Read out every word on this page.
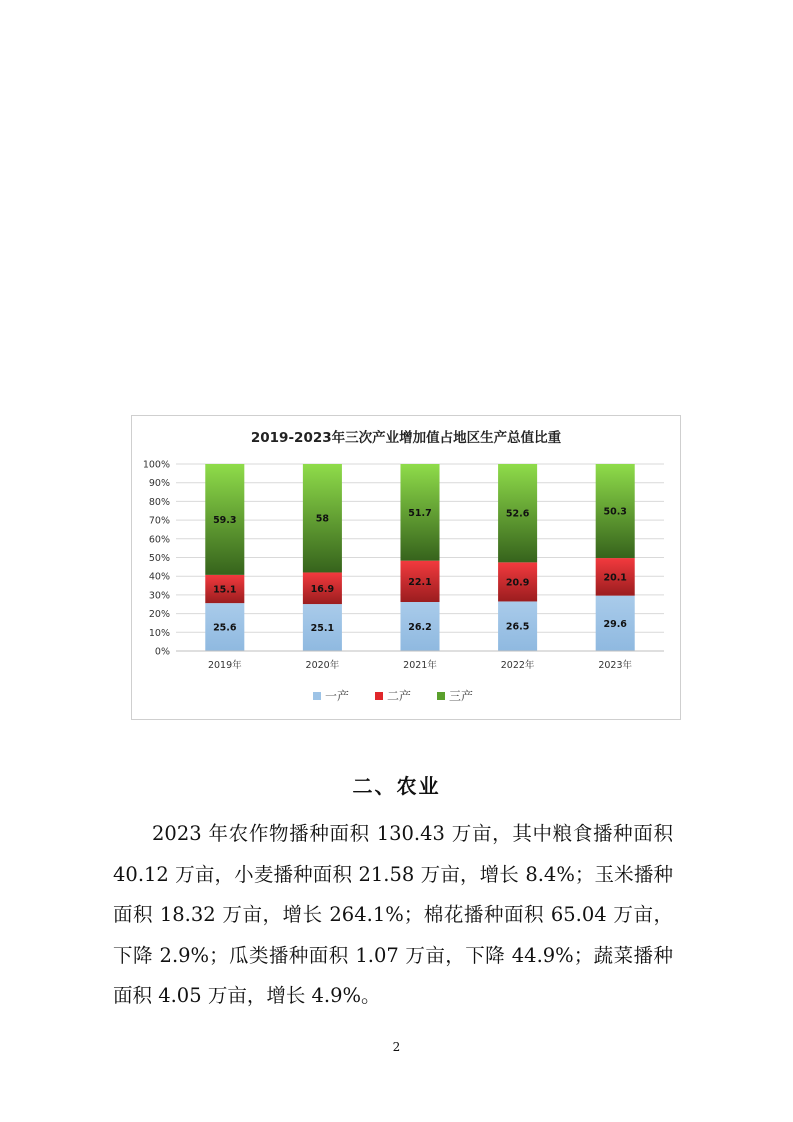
2019-2023年三次产业增加值占地区生产总值比重
25.6
15.1
59.3
25.1
16.9
58
26.2
22.1
51.7
26.5
20.9
52.6
29.6
20.1
50.3
0%
10%
20%
30%
40%
50%
60%
70%
80%
90%
100%
2019年	2020年	2021年	2022年	2023年
一产	二产	三产
二、农业
2023 年农作物播种面积 130.43 万亩，其中粮食播种面积 40.12 万亩，小麦播种面积 21.58 万亩，增长 8.4%；玉米播种面积 18.32 万亩，增长 264.1%；棉花播种面积 65.04 万亩，下降 2.9%；瓜类播种面积 1.07 万亩，下降 44.9%；蔬菜播种面积 4.05 万亩，增长 4.9%。
2
